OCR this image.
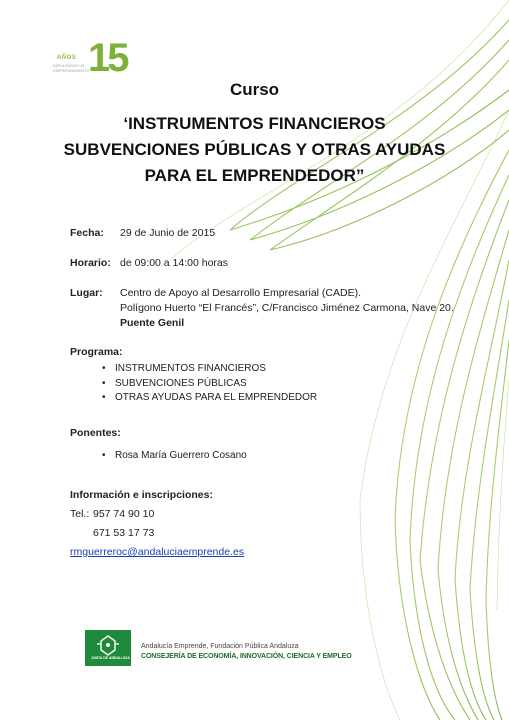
AÑOS
IMPULSANDO EL EMPRENDIMIENTO
15
Curso
‘INSTRUMENTOS FINANCIEROS
SUBVENCIONES PÚBLICAS Y OTRAS AYUDAS
PARA EL EMPRENDEDOR”
Fecha: 29 de Junio de 2015
Horario: de 09:00 a 14:00 horas
Lugar: Centro de Apoyo al Desarrollo Empresarial (CADE).
Polígono Huerto “El Francés”, C/Francisco Jiménez Carmona, Nave 20.
Puente Genil
Programa:
• INSTRUMENTOS FINANCIEROS
• SUBVENCIONES PÚBLICAS
• OTRAS AYUDAS PARA EL EMPRENDEDOR
Ponentes:
• Rosa María Guerrero Cosano
Información e inscripciones:
Tel.: 957 74 90 10
671 53 17 73
rmguerreroc@andaluciaemprende.es
JUNTA DE ANDALUCIA
Andalucía Emprende, Fundación Pública Andaluza
CONSEJERÍA DE ECONOMÍA, INNOVACIÓN, CIENCIA Y EMPLEO
